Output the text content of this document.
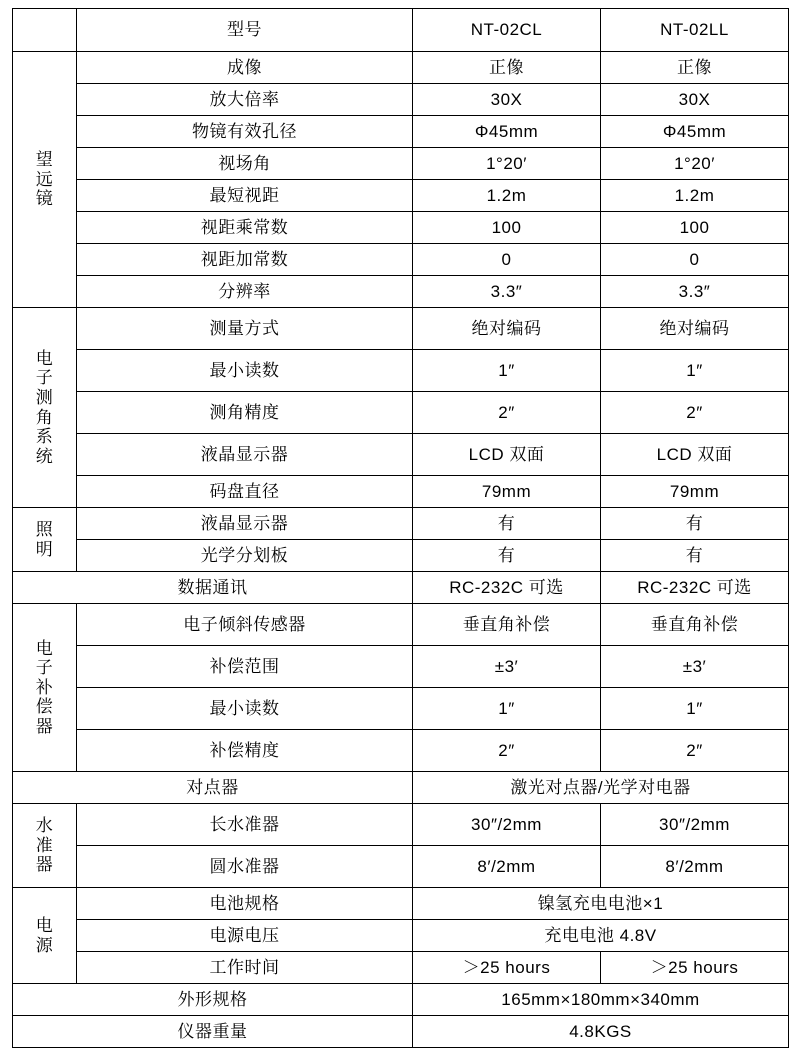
	型号	NT-02CL	NT-02LL

望
远
镜	成像	正像	正像
	放大倍率	30X	30X
	物镜有效孔径	Φ45mm	Φ45mm
	视场角	1°20′	1°20′
	最短视距	1.2m	1.2m
	视距乘常数	100	100
	视距加常数	0	0
	分辨率	3.3″	3.3″

电
子
测
角
系
统
	测量方式	绝对编码	绝对编码
	最小读数	1″	1″
	测角精度	2″	2″
	液晶显示器	LCD 双面	LCD 双面
	码盘直径	79mm	79mm

照
明	液晶显示器	有	有
	光学分划板	有	有
数据通讯		RC-232C 可选	RC-232C 可选

电
子
补
偿
器	电子倾斜传感器	垂直角补偿	垂直角补偿
	补偿范围	±3′	±3′
	最小读数	1″	1″
	补偿精度	2″	2″
对点器		激光对点器/光学对电器	

水
准
器	长水准器	30″/2mm	30″/2mm
	圆水准器	8′/2mm	8′/2mm

电
源	电池规格	镍氢充电电池×1	
	电源电压	充电电池 4.8V	
	工作时间	＞25 hours	＞25 hours
外形规格		165mm×180mm×340mm	
仪器重量		4.8KGS	
